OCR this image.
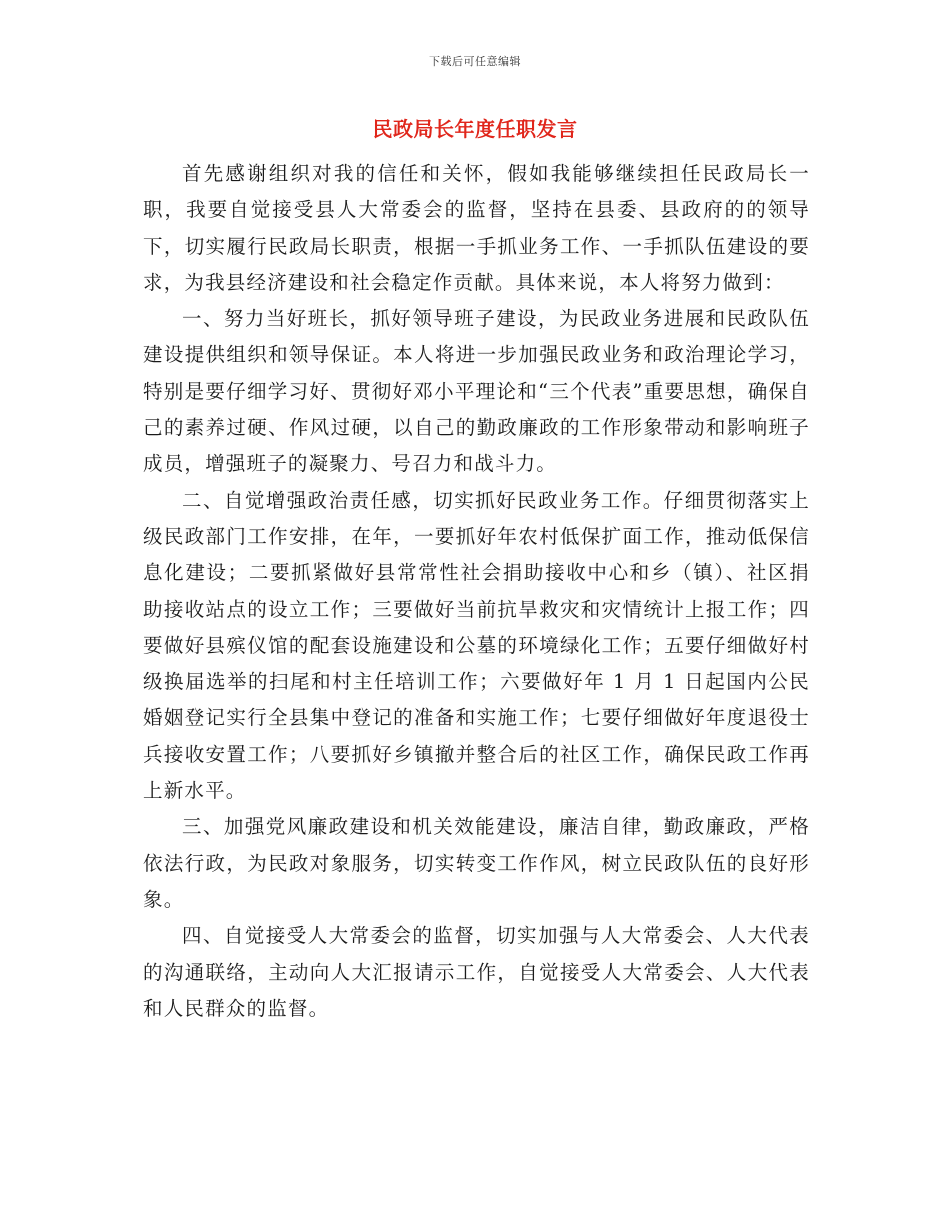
下载后可任意编辑
民政局长年度任职发言

首先感谢组织对我的信任和关怀，假如我能够继续担任民政局长一职，我要自觉接受县人大常委会的监督，坚持在县委、县政府的的领导下，切实履行民政局长职责，根据一手抓业务工作、一手抓队伍建设的要求，为我县经济建设和社会稳定作贡献。具体来说，本人将努力做到：

一、努力当好班长，抓好领导班子建设，为民政业务进展和民政队伍建设提供组织和领导保证。本人将进一步加强民政业务和政治理论学习，特别是要仔细学习好、贯彻好邓小平理论和“三个代表”重要思想，确保自己的素养过硬、作风过硬，以自己的勤政廉政的工作形象带动和影响班子成员，增强班子的凝聚力、号召力和战斗力。

二、自觉增强政治责任感，切实抓好民政业务工作。仔细贯彻落实上级民政部门工作安排，在年，一要抓好年农村低保扩面工作，推动低保信息化建设；二要抓紧做好县常常性社会捐助接收中心和乡（镇）、社区捐助接收站点的设立工作；三要做好当前抗旱救灾和灾情统计上报工作；四要做好县殡仪馆的配套设施建设和公墓的环境绿化工作；五要仔细做好村级换届选举的扫尾和村主任培训工作；六要做好年 1 月 1 日起国内公民婚姻登记实行全县集中登记的准备和实施工作；七要仔细做好年度退役士兵接收安置工作；八要抓好乡镇撤并整合后的社区工作，确保民政工作再上新水平。

三、加强党风廉政建设和机关效能建设，廉洁自律，勤政廉政，严格依法行政，为民政对象服务，切实转变工作作风，树立民政队伍的良好形象。

四、自觉接受人大常委会的监督，切实加强与人大常委会、人大代表的沟通联络，主动向人大汇报请示工作，自觉接受人大常委会、人大代表和人民群众的监督。
